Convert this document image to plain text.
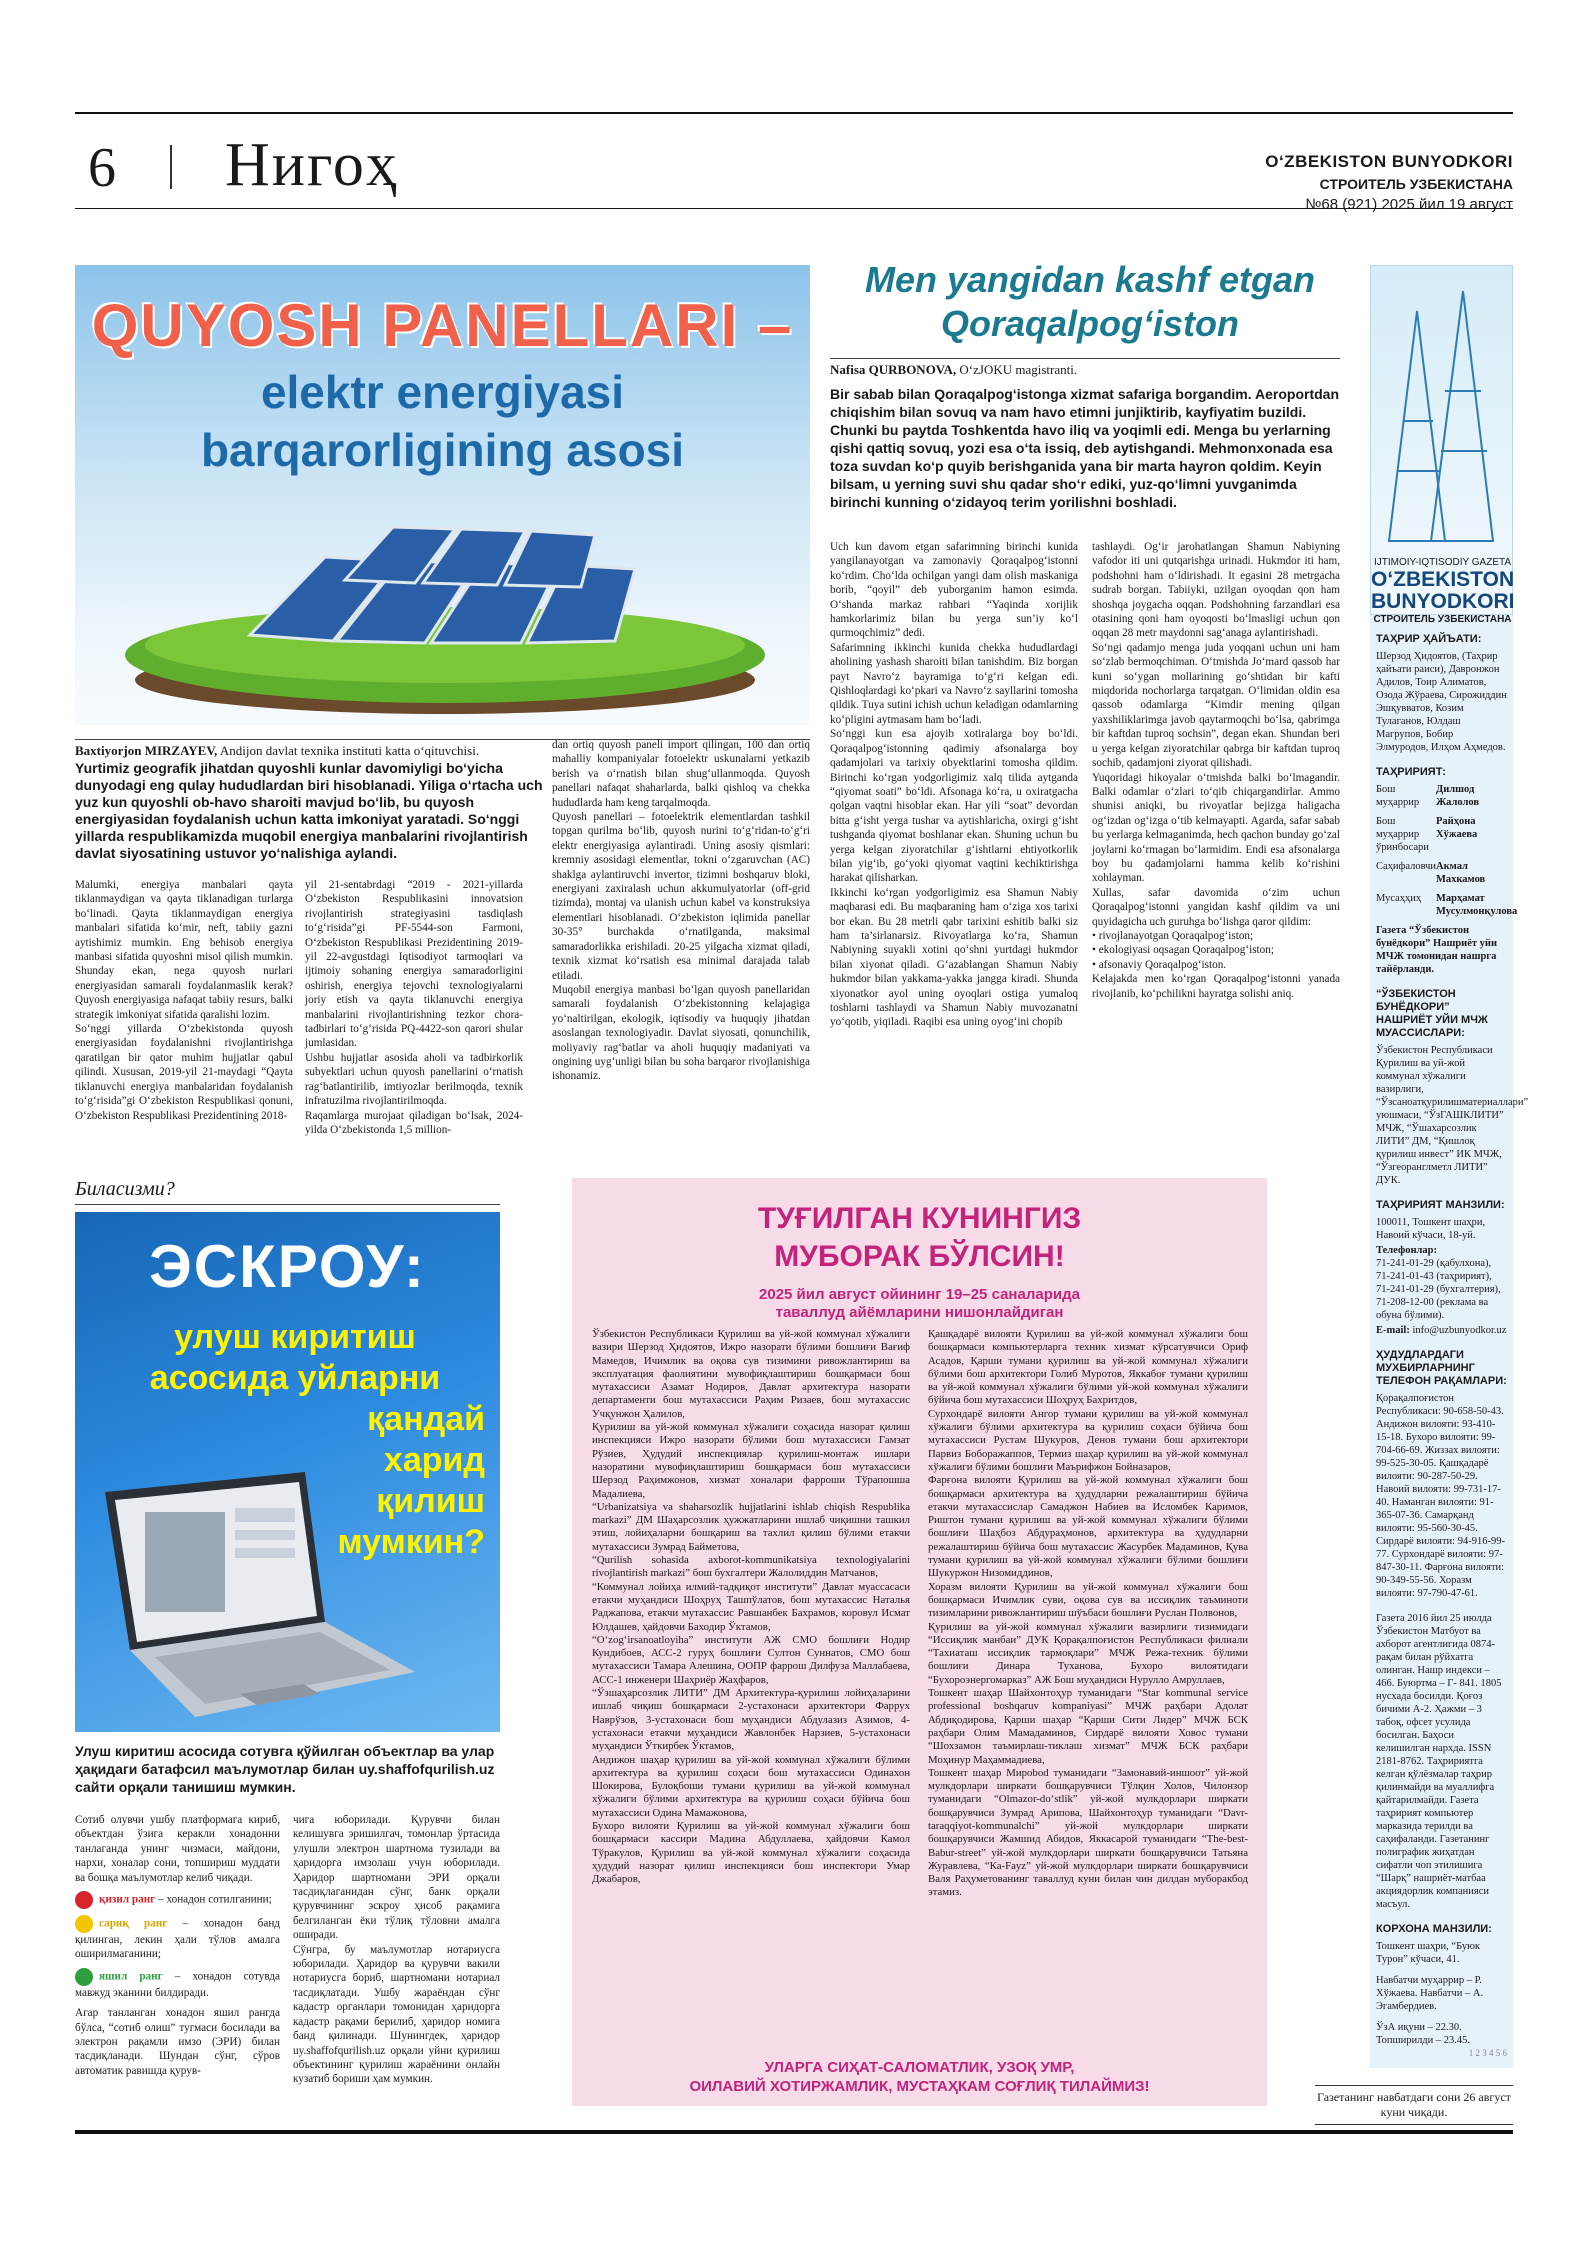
6 Нигоҳ	O‘ZBEKISTON BUNYODKORI
СТРОИТЕЛЬ УЗБЕКИСТАНА
№68 (921) 2025 йил 19 август
QUYOSH PANELLARI –
elektr energiyasi
barqarorligining asosi
Baxtiyorjon MIRZAYEV, Andijon davlat texnika instituti katta o‘qituvchisi.
Yurtimiz geografik jihatdan quyoshli kunlar davomiyligi bo‘yicha dunyodagi eng qulay hududlardan biri hisoblanadi. Yiliga o‘rtacha uch yuz kun quyoshli ob-havo sharoiti mavjud bo‘lib, bu quyosh energiyasidan foydalanish uchun katta imkoniyat yaratadi. So‘nggi yillarda respublikamizda muqobil energiya manbalarini rivojlantirish davlat siyosatining ustuvor yo‘nalishiga aylandi.
Malumki, energiya manbalari qayta tiklanmaydigan va qayta tiklanadigan turlarga bo‘linadi. Qayta tiklanmaydigan energiya manbalari sifatida ko‘mir, neft, tabiiy gazni aytishimiz mumkin. Eng behisob energiya manbasi sifatida quyoshni misol qilish mumkin. Shunday ekan, nega quyosh nurlari energiyasidan samarali foydalanmaslik kerak? Quyosh energiyasiga nafaqat tabiiy resurs, balki strategik imkoniyat sifatida qaralishi lozim.
So‘nggi yillarda O‘zbekistonda quyosh energiyasidan foydalanishni rivojlantirishga qaratilgan bir qator muhim hujjatlar qabul qilindi. Xususan, 2019-yil 21-maydagi “Qayta tiklanuvchi energiya manbalaridan foydalanish to‘g‘risida”gi O‘zbekiston Respublikasi qonuni, O‘zbekiston Respublikasi Prezidentining 2018-
yil 21-sentabrdagi “2019 - 2021-yillarda O‘zbekiston Respublikasini innovatsion rivojlantirish strategiyasini tasdiqlash to‘g‘risida”gi PF-5544-son Farmoni, O‘zbekiston Respublikasi Prezidentining 2019-yil 22-avgustdagi Iqtisodiyot tarmoqlari va ijtimoiy sohaning energiya samaradorligini oshirish, energiya tejovchi texnologiyalarni joriy etish va qayta tiklanuvchi energiya manbalarini rivojlantirishning tezkor chora-tadbirlari to‘g‘risida PQ-4422-son qarori shular jumlasidan.
Ushbu hujjatlar asosida aholi va tadbirkorlik subyektlari uchun quyosh panellarini o‘rnatish rag‘batlantirilib, imtiyozlar berilmoqda, texnik infratuzilma rivojlantirilmoqda.
Raqamlarga murojaat qiladigan bo‘lsak, 2024-yilda O‘zbekistonda 1,5 million-
dan ortiq quyosh paneli import qilingan, 100 dan ortiq mahalliy kompaniyalar fotoelektr uskunalarni yetkazib berish va o‘rnatish bilan shug‘ullanmoqda. Quyosh panellari nafaqat shaharlarda, balki qishloq va chekka hududlarda ham keng tarqalmoqda.
Quyosh panellari – fotoelektrik elementlardan tashkil topgan qurilma bo‘lib, quyosh nurini to‘g‘ridan-to‘g‘ri elektr energiyasiga aylantiradi. Uning asosiy qismlari: kremniy asosidagi elementlar, tokni o‘zgaruvchan (AC) shaklga aylantiruvchi invertor, tizimni boshqaruv bloki, energiyani zaxiralash uchun akkumulyatorlar (off-grid tizimda), montaj va ulanish uchun kabel va konstruksiya elementlari hisoblanadi. O‘zbekiston iqlimida panellar 30-35° burchakda o‘rnatilganda, maksimal samaradorlikka erishiladi. 20-25 yilgacha xizmat qiladi, texnik xizmat ko‘rsatish esa minimal darajada talab etiladi.
Muqobil energiya manbasi bo‘lgan quyosh panellaridan samarali foydalanish O‘zbekistonning kelajagiga yo‘naltirilgan, ekologik, iqtisodiy va huquqiy jihatdan asoslangan texnologiyadir. Davlat siyosati, qonunchilik, moliyaviy rag‘batlar va aholi huquqiy madaniyati va ongining uyg‘unligi bilan bu soha barqaror rivojlanishiga ishonamiz.
Men yangidan kashf etgan
Qoraqalpog‘iston
Nafisa QURBONOVA, O‘zJOKU magistranti.
Bir sabab bilan Qoraqalpog‘istonga xizmat safariga borgandim. Aeroportdan chiqishim bilan sovuq va nam havo etimni junjiktirib, kayfiyatim buzildi. Chunki bu paytda Toshkentda havo iliq va yoqimli edi. Menga bu yerlarning qishi qattiq sovuq, yozi esa o‘ta issiq, deb aytishgandi. Mehmonxonada esa toza suvdan ko‘p quyib berishganida yana bir marta hayron qoldim. Keyin bilsam, u yerning suvi shu qadar sho‘r ediki, yuz-qo‘limni yuvganimda birinchi kunning o‘zidayoq terim yorilishni boshladi.
Uch kun davom etgan safarimning birinchi kunida yangilanayotgan va zamonaviy Qoraqalpog‘istonni ko‘rdim. Cho‘lda ochilgan yangi dam olish maskaniga borib, “qoyil” deb yuborganim hamon esimda. O‘shanda markaz rahbari “Yaqinda xorijlik hamkorlarimiz bilan bu yerga sun’iy ko‘l qurmoqchimiz” dedi.
Safarimning ikkinchi kunida chekka hududlardagi aholining yashash sharoiti bilan tanishdim. Biz borgan payt Navro‘z bayramiga to‘g‘ri kelgan edi. Qishloqlardagi ko‘pkari va Navro‘z sayllarini tomosha qildik. Tuya sutini ichish uchun keladigan odamlarning ko‘pligini aytmasam ham bo‘ladi.
So‘nggi kun esa ajoyib xotiralarga boy bo‘ldi. Qoraqalpog‘istonning qadimiy afsonalarga boy qadamjolari va tarixiy obyektlarini tomosha qildim. Birinchi ko‘rgan yodgorligimiz xalq tilida aytganda “qiyomat soati” bo‘ldi. Afsonaga ko‘ra, u oxiratgacha qolgan vaqtni hisoblar ekan. Har yili “soat” devordan bitta g‘isht yerga tushar va aytishlaricha, oxirgi g‘isht tushganda qiyomat boshlanar ekan. Shuning uchun bu yerga kelgan ziyoratchilar g‘ishtlarni ehtiyotkorlik bilan yig‘ib, go‘yoki qiyomat vaqtini kechiktirishga harakat qilisharkan.
Ikkinchi ko‘rgan yodgorligimiz esa Shamun Nabiy maqbarasi edi. Bu maqbaraning ham o‘ziga xos tarixi bor ekan. Bu 28 metrli qabr tarixini eshitib balki siz ham ta’sirlanarsiz. Rivoyatlarga ko‘ra, Shamun Nabiyning suyakli xotini qo‘shni yurtdagi hukmdor bilan xiyonat qiladi. G‘azablangan Shamun Nabiy hukmdor bilan yakkama-yakka jangga kiradi. Shunda xiyonatkor ayol uning oyoqlari ostiga yumaloq toshlarni tashlaydi va Shamun Nabiy muvozanatni yo‘qotib, yiqiladi. Raqibi esa uning oyog‘ini chopib
tashlaydi. Og‘ir jarohatlangan Shamun Nabiyning vafodor iti uni qutqarishga urinadi. Hukmdor iti ham, podshohni ham o‘ldirishadi. It egasini 28 metrgacha sudrab borgan. Tabiiyki, uzilgan oyoqdan qon ham shoshqa joygacha oqqan. Podshohning farzandlari esa otasining qoni ham oyoqosti bo‘lmasligi uchun qon oqqan 28 metr maydonni sag‘anaga aylantirishadi.
So‘ngi qadamjo menga juda yoqqani uchun uni ham so‘zlab bermoqchiman. O‘tmishda Jo‘mard qassob har kuni so‘ygan mollarining go‘shtidan bir kafti miqdorida nochorlarga tarqatgan. O‘limidan oldin esa qassob odamlarga “Kimdir mening qilgan yaxshiliklarimga javob qaytarmoqchi bo‘lsa, qabrimga bir kaftdan tuproq sochsin”, degan ekan. Shundan beri u yerga kelgan ziyoratchilar qabrga bir kaftdan tuproq sochib, qadamjoni ziyorat qilishadi.
Yuqoridagi hikoyalar o‘tmishda balki bo‘lmagandir. Balki odamlar o‘zlari to‘qib chiqargandirlar. Ammo shunisi aniqki, bu rivoyatlar bejizga haligacha og‘izdan og‘izga o‘tib kelmayapti. Agarda, safar sabab bu yerlarga kelmaganimda, hech qachon bunday go‘zal joylarni ko‘rmagan bo‘larmidim. Endi esa afsonalarga boy bu qadamjolarni hamma kelib ko‘rishini xohlayman.
Xullas, safar davomida o‘zim uchun Qoraqalpog‘istonni yangidan kashf qildim va uni quyidagicha uch guruhga bo‘lishga qaror qildim:
• rivojlanayotgan Qoraqalpog‘iston;
• ekologiyasi oqsagan Qoraqalpog‘iston;
• afsonaviy Qoraqalpog‘iston.
Kelajakda men ko‘rgan Qoraqalpog‘istonni yanada rivojlanib, ko‘pchilikni hayratga solishi aniq.
IJTIMOIY-IQTISODIY GAZETA
O‘ZBEKISTON
BUNYODKORI
СТРОИТЕЛЬ УЗБЕКИСТАНА
ТАҲРИР ҲАЙЪАТИ:
Шерзод Ҳидоятов, (Таҳрир ҳайъати раиси), Давронжон Адилов, Тоир Алиматов, Озода Жўраева, Сирожиддин Эшқувватов, Козим Тулаганов, Юлдаш Магрупов, Бобир Элмуродов, Илҳом Аҳмедов.
ТАҲРИРИЯТ:
Бош муҳаррир
Дилшод Жалолов
Бош муҳаррир ўринбосари
Райҳона Хўжаева
Саҳифаловчи Акмал Махкамов
Мусаҳҳиҳ	Марҳамат Мусулмонқулова
Газета “Ўзбекистон бунёдкори” Нашриёт уйи МЧЖ томонидан нашрга тайёрланди.
“ЎЗБЕКИСТОН БУНЁДКОРИ” НАШРИЁТ УЙИ МЧЖ МУАССИСЛАРИ:
Ўзбекистон Республикаси Қурилиш ва уй-жой коммунал хўжалиги вазирлиги, “Ўзсаноатқурилишматериаллари” уюшмаси, “ЎзГАШКЛИТИ” МЧЖ, “Ўшахарсозлик ЛИТИ” ДМ, “Қишлоқ қурилиш инвест” ИК МЧЖ, “Ўзгеоранглметл ЛИТИ” ДУК.
ТАҲРИРИЯТ МАНЗИЛИ:
100011, Тошкент шаҳри, Навоий кўчаси, 18-уй.
Телефонлар:
71-241-01-29 (қабулхона), 71-241-01-43 (таҳририят), 71-241-01-29 (бухгалтерия), 71-208-12-00 (реклама ва обуна бўлими).
E-mail: info@uzbunyodkor.uz
ҲУДУДЛАРДАГИ МУХБИРЛАРНИНГ ТЕЛЕФОН РАҚАМЛАРИ:
Қорақалпоғистон Республикаси: 90-658-50-43. Андижон вилояти: 93-410-15-18. Бухоро вилояти: 99-704-66-69. Жиззах вилояти: 99-525-30-05. Қашқадарё вилояти: 90-287-50-29. Навоий вилояти: 99-731-17-40. Наманган вилояти: 91-365-07-36. Самарқанд вилояти: 95-560-30-45. Сирдарё вилояти: 94-916-99-77. Сурхондарё вилояти: 97-847-30-11. Фарғона вилояти: 90-349-55-56. Хоразм вилояти: 97-790-47-61.
Газета 2016 йил 25 июлда Ўзбекистон Матбуот ва ахборот агентлигида 0874-рақам билан рўйхатга олинган. Нашр индекси – 466. Буюртма – Г- 841. 1805 нусхада босилди. Қоғоз бичими А-2. Ҳажми – 3 табоқ, офсет усулида босилган. Баҳоси келишилган нархда. ISSN 2181-8762. Таҳририятга келган қўлёзмалар таҳрир қилинмайди ва муаллифга қайтарилмайди. Газета таҳририят компьютер марказида терилди ва саҳифаланди. Газетанинг полиграфик жиҳатдан сифатли чоп этилишига “Шарқ” нашриёт-матбаа акциядорлик компанияси масъул.
КОРХОНА МАНЗИЛИ:
Тошкент шаҳри, “Буюк Турон” кўчаси, 41.
Навбатчи муҳаррир – Р. Хўжаева. Навбатчи – А. Эгамбердиев.
ЎзА иқуни – 22.30. Топширилди – 23.45.
1 2 3 4 5 6
Биласизми?
ЭСКРОУ:
улуш киритиш
асосида уйларни
қандай
харид
қилиш
мумкин?
Улуш киритиш асосида сотувга қўйилган объектлар ва улар ҳақидаги батафсил маълумотлар билан uy.shaffofqurilish.uz сайти орқали танишиш мумкин.
Сотиб олувчи ушбу платформага кириб, объектдан ўзига керакли хонадонни танлаганда унинг чизмаси, майдони, нархи, хоналар сони, топшириш муддати ва бошқа маълумотлар келиб чиқади.
қизил ранг – хонадон сотилганини;
сариқ ранг – хонадон банд қилинган, лекин ҳали тўлов амалга оширилмаганини;
яшил ранг – хонадон сотувда мавжуд эканини билдиради.
Агар танланган хонадон яшил рангда бўлса, “сотиб олиш” тугмаси босилади ва электрон рақамли имзо (ЭРИ) билан тасдиқланади. Шундан сўнг, сўров автоматик равишда қурув-
чига юборилади. Қурувчи билан келишувга эришилгач, томонлар ўртасида улушли электрон шартнома тузилади ва ҳаридорга имзолаш учун юборилади. Ҳаридор шартномани ЭРИ орқали тасдиқлаганидан сўнг, банк орқали қурувчининг эскроу ҳисоб рақамига белгиланган ёки тўлиқ тўловни амалга оширади.
Сўнгра, бу маълумотлар нотариусга юборилади. Ҳаридор ва қурувчи вакили нотариусга бориб, шартномани нотариал тасдиқлатади. Ушбу жараёндан сўнг кадастр органлари томонидан ҳаридорга кадастр рақами берилиб, ҳаридор номига банд қилинади. Шунингдек, ҳаридор uy.shaffofqurilish.uz орқали уйни қурилиш объектининг қурилиш жараёнини онлайн кузатиб бориши ҳам мумкин.
ТУҒИЛГАН КУНИНГИЗ
МУБОРАК БЎЛСИН!
2025 йил август ойининг 19–25 саналарида
таваллуд айёмларини нишонлайдиган
Ўзбекистон Республикаси Қурилиш ва уй-жой коммунал хўжалиги вазири Шерзод Ҳидоятов, Ижро назорати бўлими бошлиғи Вағиф Мамедов, Ичимлик ва оқова сув тизимини ривожлантириш ва эксплуатация фаолиятини мувофиқлаштириш бошқармаси бош мутахассиси Азамат Нодиров, Давлат архитектура назорати департаменти бош мутахассиси Раҳим Ризаев, бош мутахассис Учқунжон Ҳалилов,
Қурилиш ва уй-жой коммунал хўжалиги соҳасида назорат қилиш инспекцияси Ижро назорати бўлими бош мутахассиси Гамзат Рўзиев, Ҳудудий инспекциялар қурилиш-монтаж ишлари назоратини мувофиқлаштириш бошқармаси бош мутахассиси Шерзод Раҳимжонов, хизмат хоналари фарроши Тўрапошша Мадалиева,
“Urbanizatsiya va shaharsozlik hujjatlarini ishlab chiqish Respublika markazi” ДМ Шаҳарсозлик ҳужжатларини ишлаб чиқишни ташкил этиш, лойиҳаларни бошқариш ва тахлил қилиш бўлими етакчи мутахассиси Зумрад Байметова,
“Qurilish sohasida axborot-kommunikatsiya texnologiyalarini rivojlantirish markazi” бош бухгалтери Жалолиддин Матчанов,
“Коммунал лойиҳа илмий-тадқиқот институти” Давлат муассасаси етакчи муҳандиси Шоҳруҳ Ташпўлатов, бош мутахассис Наталья Раджапова, етакчи мутахассис Равшанбек Бахрамов, коровул Исмат Юлдашев, ҳайдовчи Баходир Ўктамов,
“O‘zog‘irsanoatloyiha” институти АЖ СМО бошлиғи Нодир Кундибоев, АСС-2 гуруҳ бошлиғи Султон Суннатов, СМО бош мутахассиси Тамара Алешина, ООПР фаррош Дилфуза Маллабаева, АСС-1 инженери Шаҳриёр Жаҳфаров,
“Ўзшаҳарсозлик ЛИТИ” ДМ Архитектура-қурилиш лойиҳаларини ишлаб чиқиш бошқармаси 2-устахонаси архитектори Фаррух Наврўзов, 3-устахонаси бош муҳандиси Абдулазиз Азимов, 4-устахонаси етакчи муҳандиси Жавлонбек Нарзиев, 5-устахонаси муҳандиси Ўткирбек Ўктамов,
Андижон шаҳар қурилиш ва уй-жой коммунал хўжалиги бўлими архитектура ва қурилиш соҳаси бош мутахассиси Одинахон Шокирова, Булоқбоши тумани қурилиш ва уй-жой коммунал хўжалиги бўлими архитектура ва қурилиш соҳаси бўйича бош мутахассиси Одина Мамажонова,
Бухоро вилояти Қурилиш ва уй-жой коммунал хўжалиги бош бошқармаси кассири Мадина Абдуллаева, ҳайдовчи Камол Тўракулов, Қурилиш ва уй-жой коммунал хўжалиги соҳасида ҳудудий назорат қилиш инспекцияси бош инспектори Умар Джабаров,
Қашқадарё вилояти Қурилиш ва уй-жой коммунал хўжалиги бош бошқармаси компьютерларга техник хизмат кўрсатувчиси Ориф Асадов, Қарши тумани қурилиш ва уй-жой коммунал хўжалиги бўлими бош архитектори Голиб Муротов, Яккабоғ тумани қурилиш ва уй-жой коммунал хўжалиги бўлими уй-жой коммунал хўжалиги бўйича бош мутахассиси Шоҳруҳ Бахритдов,
Сурхондарё вилояти Ангор тумани қурилиш ва уй-жой коммунал хўжалиги бўлими архитектура ва қурилиш соҳаси бўйича бош мутахассиси Рустам Шукуров, Денов тумани бош архитектори Парвиз Боборажаппов, Термиз шаҳар қурилиш ва уй-жой коммунал хўжалиги бўлими бошлиғи Маърифжон Бойназаров,
Фарғона вилояти Қурилиш ва уй-жой коммунал хўжалиги бош бошқармаси архитектура ва ҳудудларни режалаштириш бўйича етакчи мутахассислар Самаджон Набиев ва Исломбек Каримов, Риштон тумани қурилиш ва уй-жой коммунал хўжалиги бўлими бошлиғи Шаҳбоз Абдураҳмонов, архитектура ва ҳудудларни режалаштириш бўйича бош мутахассис Жасурбек Мадаминов, Қува тумани қурилиш ва уй-жой коммунал хўжалиги бўлими бошлиғи Шукуржон Низомиддинов,
Хоразм вилояти Қурилиш ва уй-жой коммунал хўжалиги бош бошқармаси Ичимлик суви, оқова сув ва иссиқлик таъминоти тизимларини ривожлантириш шўъбаси бошлиғи Руслан Полвонов,
Қурилиш ва уй-жой коммунал хўжалиги вазирлиги тизимидаги “Иссиқлик манбаи” ДУК Қорақалпоғистон Республикаси филиали “Тахиаташ иссиқлик тармоқлари” МЧЖ Режа-техник бўлими бошлиғи Динара Туханова, Бухоро вилоятидаги “Бухороэнергомарказ” АЖ Бош муҳандиси Нурулло Амруллаев,
Тошкент шаҳар Шайхонтоҳур туманидаги “Star kommunal service professional boshqaruv kompaniyasi” МЧЖ раҳбари Адолат Абдиқодирова, Қарши шаҳар “Қарши Сити Лидер” МЧЖ БСК раҳбари Олим Мамадаминов, Сирдарё вилояти Ховос тумани “Шохзамон таъмирлаш-тиклаш хизмат” МЧЖ БСК раҳбари Моҳинур Маҳаммадиева,
Тошкент шаҳар Мирobod туманидаги “Замонавий-иншоот” уй-жой мулкдорлари ширкати бошқарувчиси Тўлқин Холов, Чилонзор туманидаги “Olmazor-do‘stlik” уй-жой мулкдорлари ширкати бошқарувчиси Зумрад Арипова, Шайхонтоҳур туманидаги “Davr-taraqqiyot-kommunalchi” уй-жой мулкдорлари ширкати бошқарувчиси Жамшид Абидов, Яккасарой туманидаги “The-best-Babur-street” уй-жой мулкдорлари ширкати бошқарувчиси Татьяна Журавлева, “Ка-Fayz” уй-жой мулкдорлари ширкати бошқарувчиси Валя Раҳуметованинг таваллуд куни билан чин дилдан муборакбод этамиз.
УЛАРГА СИҲАТ-САЛОМАТЛИК, УЗОҚ УМР,
ОИЛАВИЙ ХОТИРЖАМЛИК, МУСТАҲКАМ СОҒЛИҚ ТИЛАЙМИЗ!
Газетанинг навбатдаги сони 26 август куни чиқади.
